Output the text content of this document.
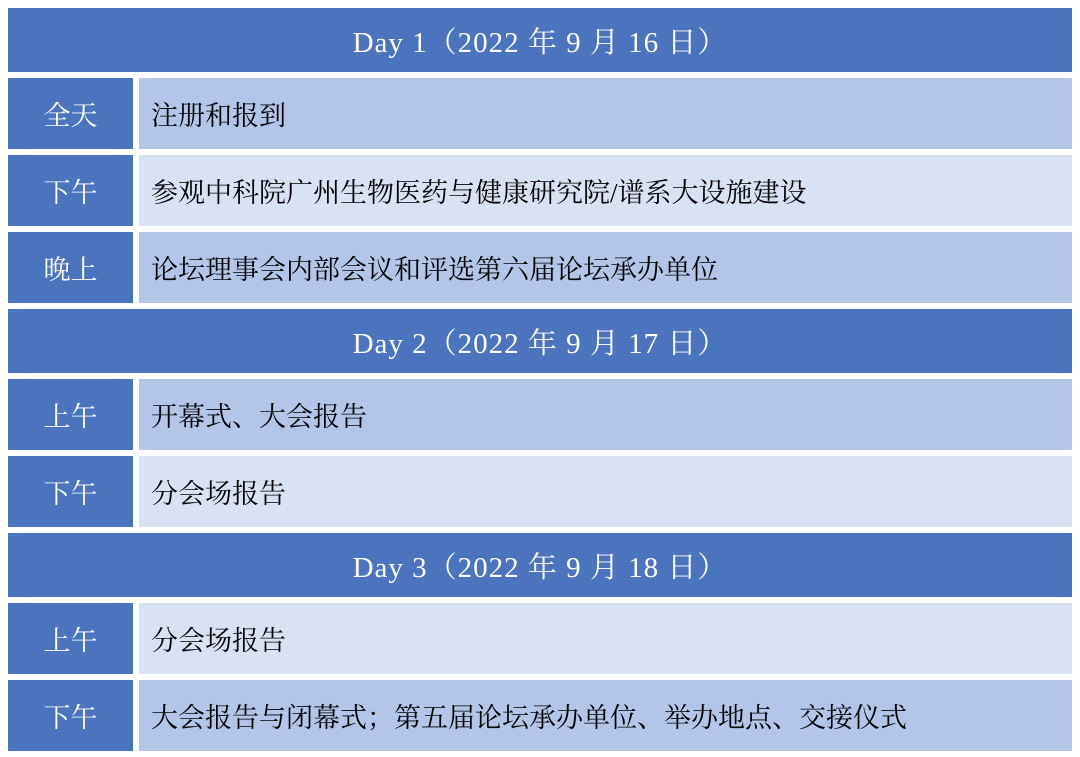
Day 1（2022 年 9 月 16 日）	
全天	注册和报到
下午	参观中科院广州生物医药与健康研究院/谱系大设施建设
晚上	论坛理事会内部会议和评选第六届论坛承办单位
Day 2（2022 年 9 月 17 日）	
上午	开幕式、大会报告
下午	分会场报告
Day 3（2022 年 9 月 18 日）	
上午	分会场报告
下午	大会报告与闭幕式；第五届论坛承办单位、举办地点、交接仪式
